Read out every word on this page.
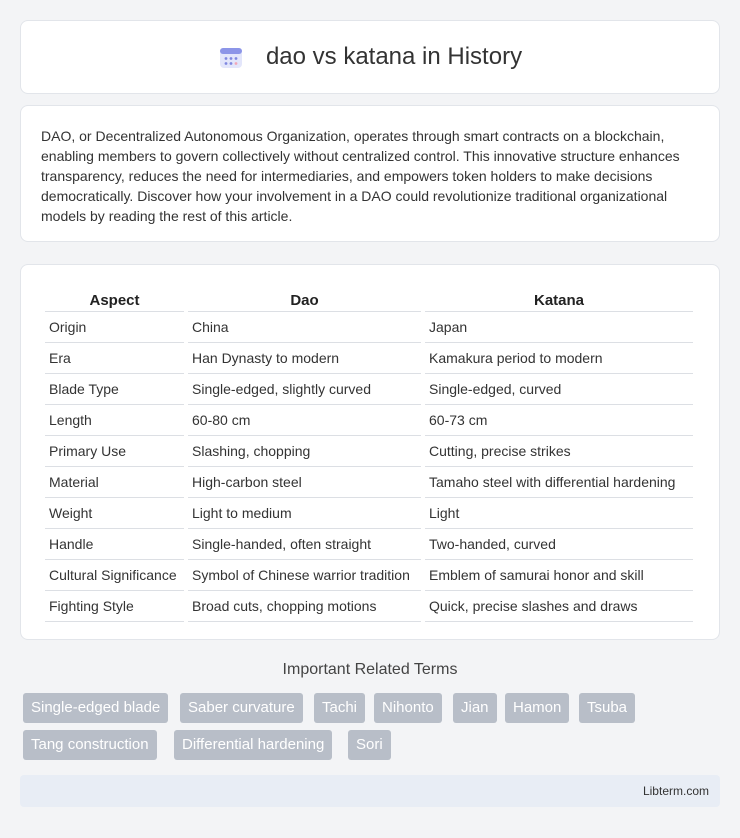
dao vs katana in History

DAO, or Decentralized Autonomous Organization, operates through smart contracts on a blockchain, enabling members to govern collectively without centralized control. This innovative structure enhances transparency, reduces the need for intermediaries, and empowers token holders to make decisions democratically. Discover how your involvement in a DAO could revolutionize traditional organizational models by reading the rest of this article.

Aspect	Dao	Katana
Origin	China	Japan
Era	Han Dynasty to modern	Kamakura period to modern
Blade Type	Single-edged, slightly curved	Single-edged, curved
Length	60-80 cm	60-73 cm
Primary Use	Slashing, chopping	Cutting, precise strikes
Material	High-carbon steel	Tamaho steel with differential hardening
Weight	Light to medium	Light
Handle	Single-handed, often straight	Two-handed, curved
Cultural Significance	Symbol of Chinese warrior tradition	Emblem of samurai honor and skill
Fighting Style	Broad cuts, chopping motions	Quick, precise slashes and draws
Important Related Terms
Single-edged blade	Saber curvature	Tachi	Nihonto	Jian	Hamon	Tsuba
Tang construction	Differential hardening	Sori
Libterm.com
